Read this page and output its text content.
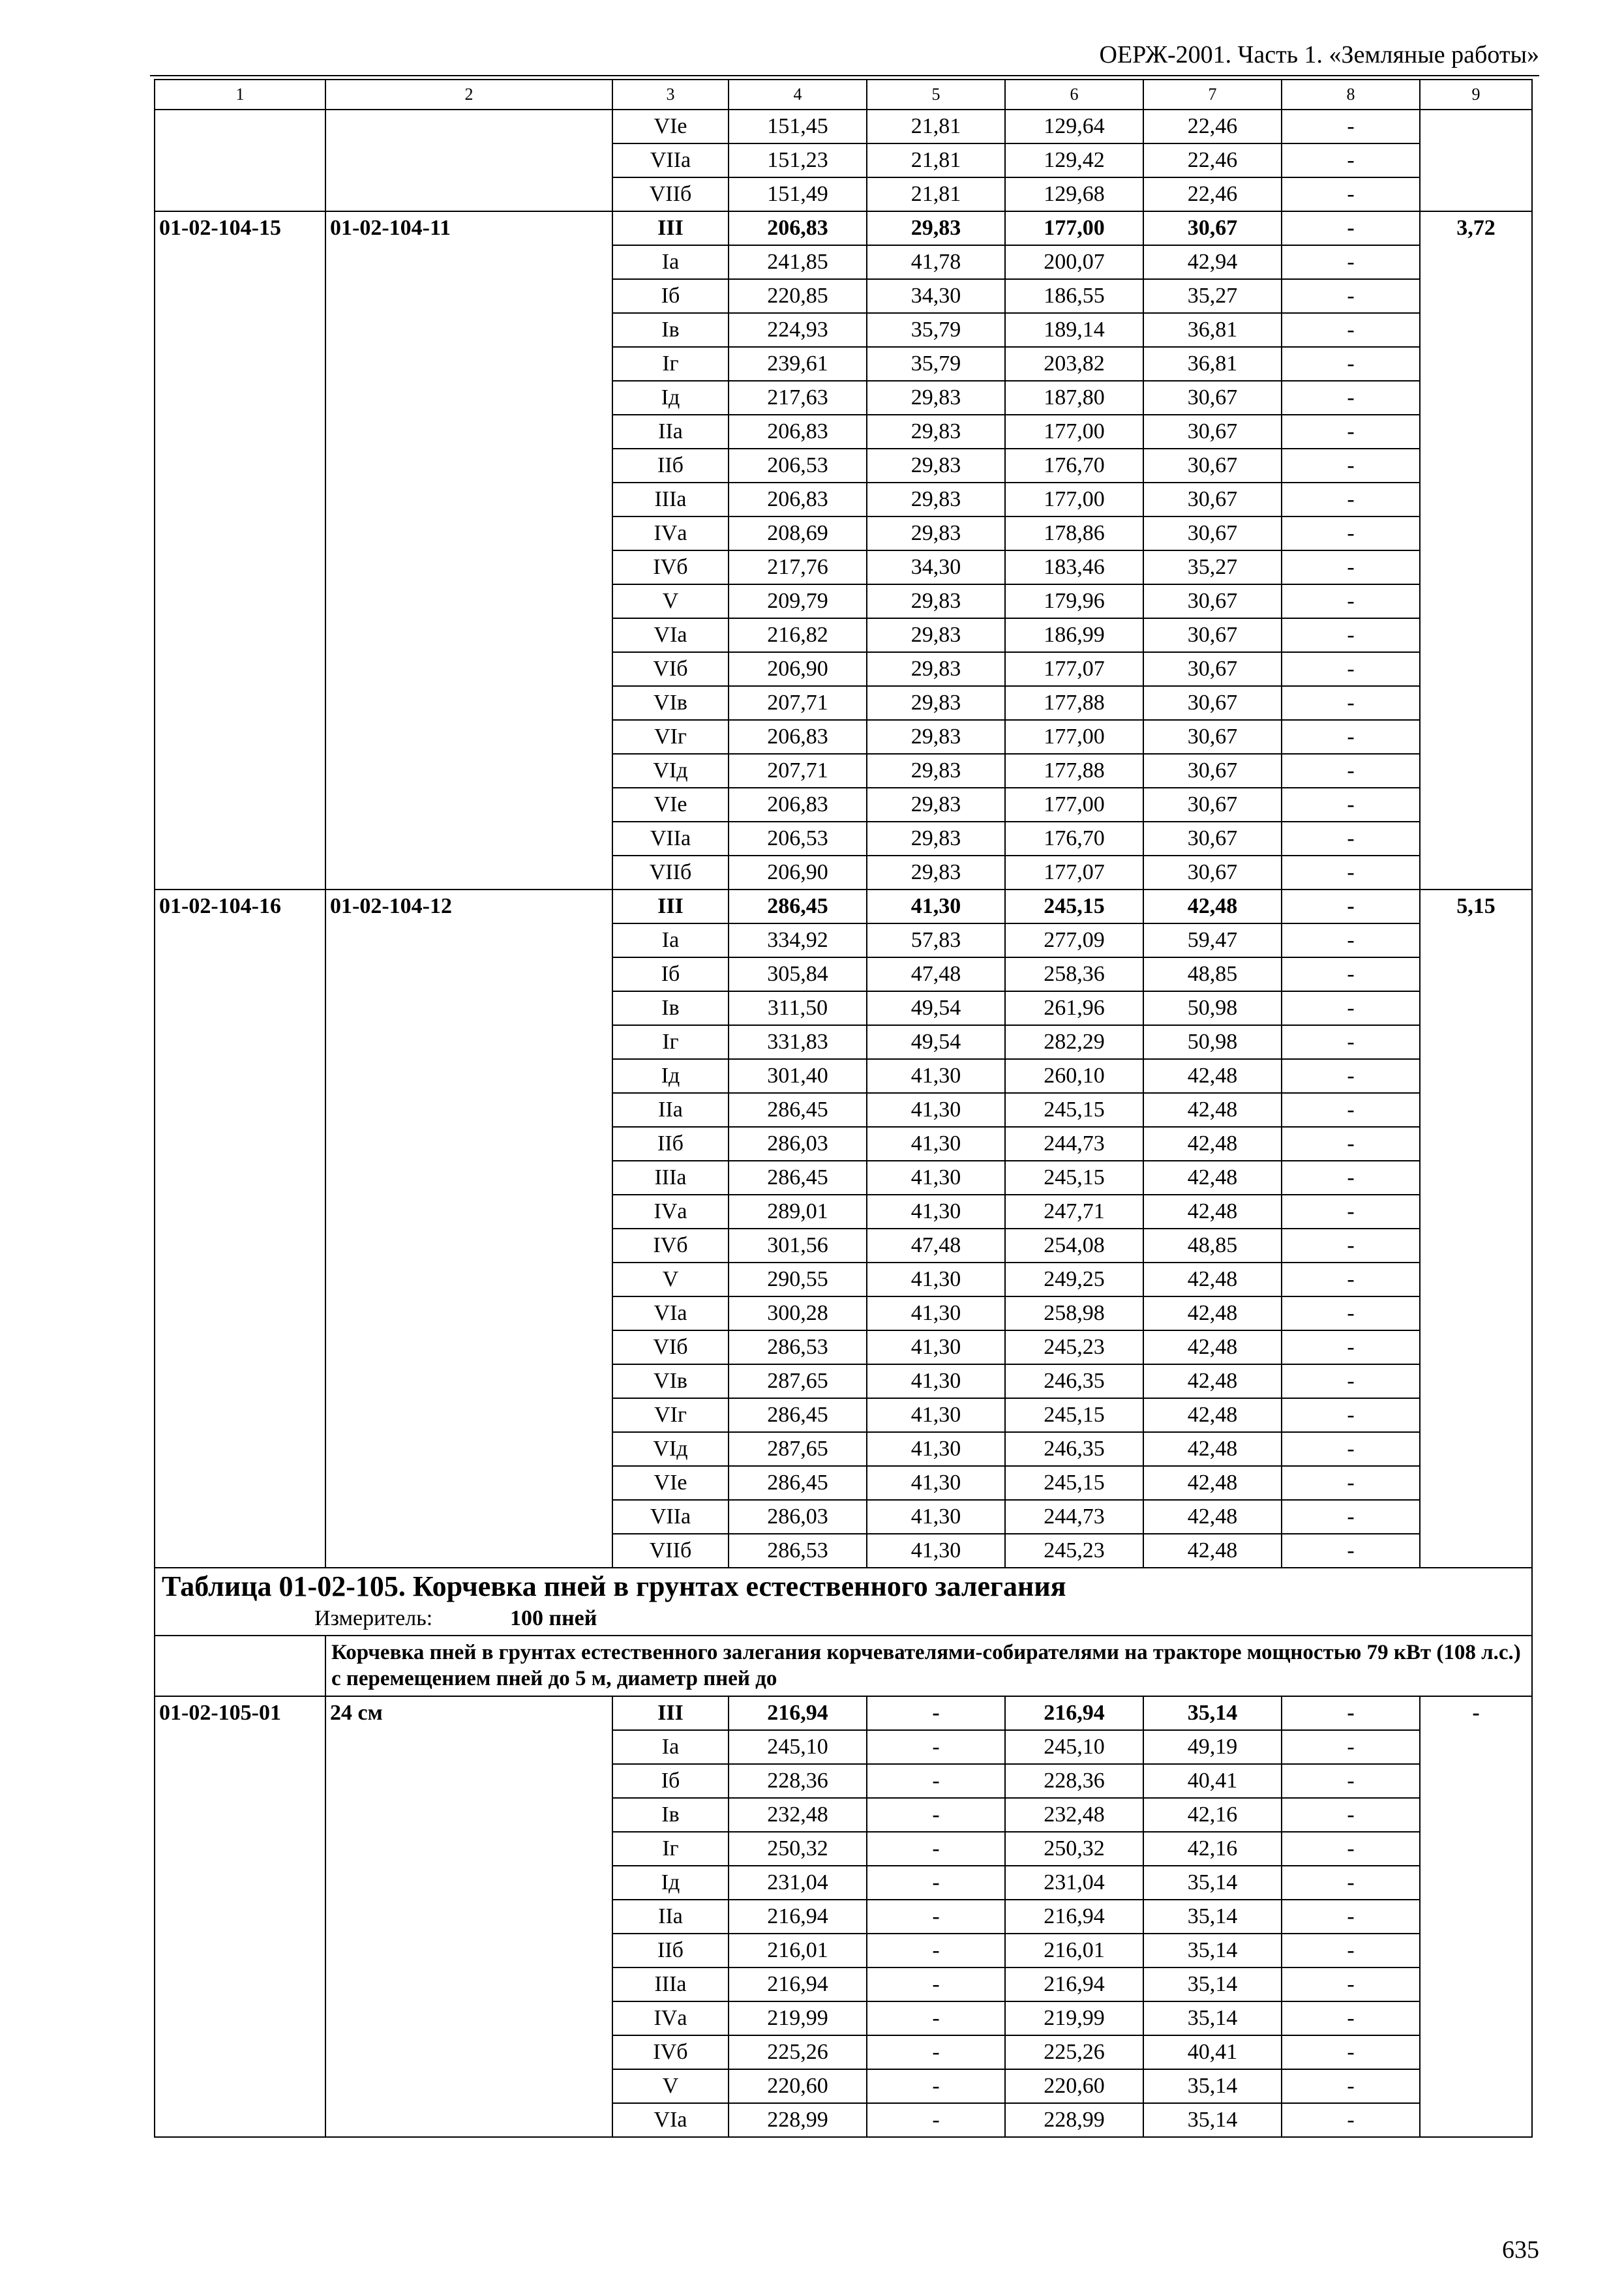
ОЕРЖ-2001. Часть 1. «Земляные работы»
1	2	3	4	5	6	7	8	9
		VIе	151,45	21,81	129,64	22,46	-	
		VIIа	151,23	21,81	129,42	22,46	-	
		VIIб	151,49	21,81	129,68	22,46	-	
01-02-104-15	01-02-104-11	III	206,83	29,83	177,00	30,67	-	3,72
		Iа	241,85	41,78	200,07	42,94	-	
		Iб	220,85	34,30	186,55	35,27	-	
		Iв	224,93	35,79	189,14	36,81	-	
		Iг	239,61	35,79	203,82	36,81	-	
		Iд	217,63	29,83	187,80	30,67	-	
		IIа	206,83	29,83	177,00	30,67	-	
		IIб	206,53	29,83	176,70	30,67	-	
		IIIа	206,83	29,83	177,00	30,67	-	
		IVа	208,69	29,83	178,86	30,67	-	
		IVб	217,76	34,30	183,46	35,27	-	
		V	209,79	29,83	179,96	30,67	-	
		VIа	216,82	29,83	186,99	30,67	-	
		VIб	206,90	29,83	177,07	30,67	-	
		VIв	207,71	29,83	177,88	30,67	-	
		VIг	206,83	29,83	177,00	30,67	-	
		VIд	207,71	29,83	177,88	30,67	-	
		VIе	206,83	29,83	177,00	30,67	-	
		VIIа	206,53	29,83	176,70	30,67	-	
		VIIб	206,90	29,83	177,07	30,67	-	
01-02-104-16	01-02-104-12	III	286,45	41,30	245,15	42,48	-	5,15
		Iа	334,92	57,83	277,09	59,47	-	
		Iб	305,84	47,48	258,36	48,85	-	
		Iв	311,50	49,54	261,96	50,98	-	
		Iг	331,83	49,54	282,29	50,98	-	
		Iд	301,40	41,30	260,10	42,48	-	
		IIа	286,45	41,30	245,15	42,48	-	
		IIб	286,03	41,30	244,73	42,48	-	
		IIIа	286,45	41,30	245,15	42,48	-	
		IVа	289,01	41,30	247,71	42,48	-	
		IVб	301,56	47,48	254,08	48,85	-	
		V	290,55	41,30	249,25	42,48	-	
		VIа	300,28	41,30	258,98	42,48	-	
		VIб	286,53	41,30	245,23	42,48	-	
		VIв	287,65	41,30	246,35	42,48	-	
		VIг	286,45	41,30	245,15	42,48	-	
		VIд	287,65	41,30	246,35	42,48	-	
		VIе	286,45	41,30	245,15	42,48	-	
		VIIа	286,03	41,30	244,73	42,48	-	
		VIIб	286,53	41,30	245,23	42,48	-	

Таблица 01-02-105. Корчевка пней в грунтах естественного залегания
Измеритель: 100 пней								

	Корчевка пней в грунтах естественного залегания корчевателями-собирателями на тракторе мощностью 79 кВт (108 л.с.) с перемещением пней до 5 м, диаметр пней до							
01-02-105-01	24 см	III	216,94	-	216,94	35,14	-	-
		Iа	245,10	-	245,10	49,19	-	
		Iб	228,36	-	228,36	40,41	-	
		Iв	232,48	-	232,48	42,16	-	
		Iг	250,32	-	250,32	42,16	-	
		Iд	231,04	-	231,04	35,14	-	
		IIа	216,94	-	216,94	35,14	-	
		IIб	216,01	-	216,01	35,14	-	
		IIIа	216,94	-	216,94	35,14	-	
		IVа	219,99	-	219,99	35,14	-	
		IVб	225,26	-	225,26	40,41	-	
		V	220,60	-	220,60	35,14	-	
		VIа	228,99	-	228,99	35,14	-	
635
